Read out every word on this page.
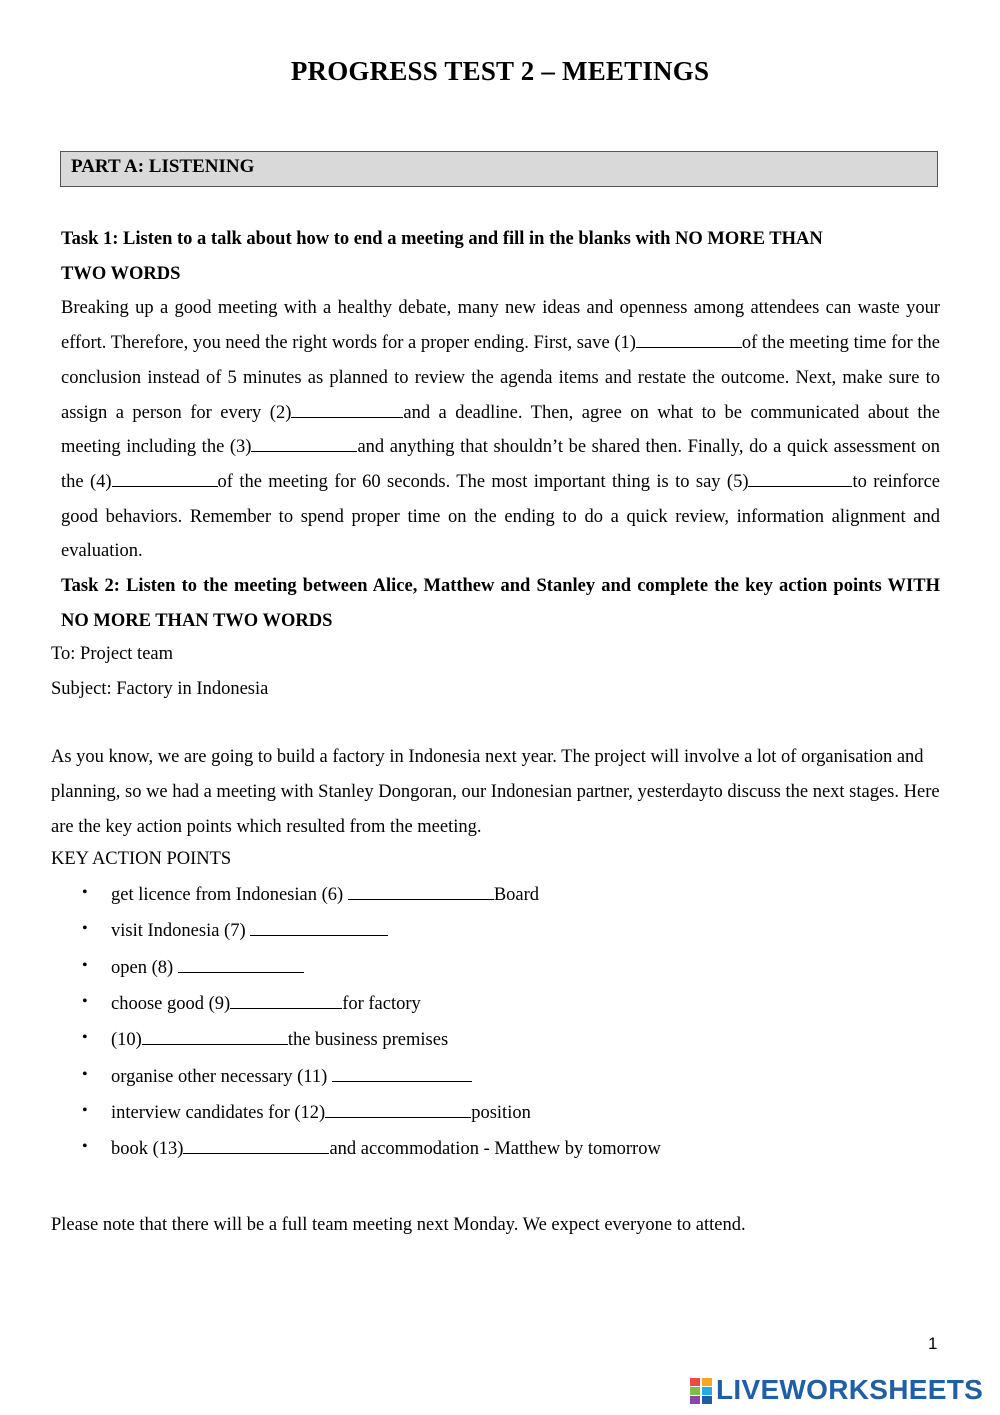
PROGRESS TEST 2 – MEETINGS
PART A: LISTENING
Task 1: Listen to a talk about how to end a meeting and fill in the blanks with NO MORE THAN
TWO WORDS
Breaking up a good meeting with a healthy debate, many new ideas and openness among attendees can waste your effort. Therefore, you need the right words for a proper ending. First, save (1)	of the meeting time for the conclusion instead of 5 minutes as planned to review the agenda items and restate the outcome. Next, make sure to assign a person for every (2)	and a deadline. Then, agree on what to be communicated about the meeting including the (3)	and anything that shouldn’t be shared then. Finally, do a quick assessment on the (4)	of the meeting for 60 seconds. The most important thing is to say (5)	to reinforce good behaviors. Remember to spend proper time on the ending to do a quick review, information alignment and evaluation.
Task 2: Listen to the meeting between Alice, Matthew and Stanley and complete the key action points WITH NO MORE THAN TWO WORDS
To: Project team
Subject: Factory in Indonesia
As you know, we are going to build a factory in Indonesia next year. The project will involve a lot of organisation and planning, so we had a meeting with Stanley Dongoran, our Indonesian partner, yesterdayto discuss the next stages. Here are the key action points which resulted from the meeting.
KEY ACTION POINTS
• get licence from Indonesian (6)	Board
• visit Indonesia (7)
• open (8)
• choose good (9)	for factory
• (10)	the business premises
• organise other necessary (11)
• interview candidates for (12)	position
• book (13)	and accommodation - Matthew by tomorrow
Please note that there will be a full team meeting next Monday. We expect everyone to attend.
1
LIVEWORKSHEETS
